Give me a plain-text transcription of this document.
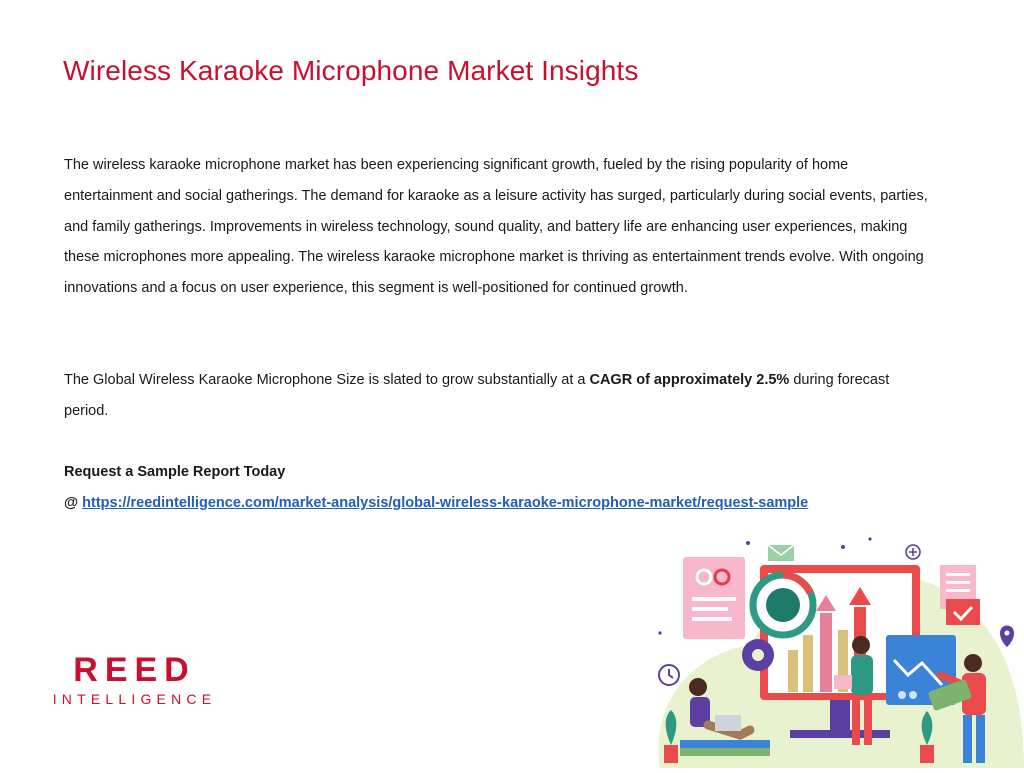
Wireless Karaoke Microphone Market Insights

The wireless karaoke microphone market has been experiencing significant growth, fueled by the rising popularity of home entertainment and social gatherings. The demand for karaoke as a leisure activity has surged, particularly during social events, parties, and family gatherings. Improvements in wireless technology, sound quality, and battery life are enhancing user experiences, making these microphones more appealing. The wireless karaoke microphone market is thriving as entertainment trends evolve. With ongoing innovations and a focus on user experience, this segment is well-positioned for continued growth.

The Global Wireless Karaoke Microphone Size is slated to grow substantially at a CAGR of approximately 2.5% during forecast period.

Request a Sample Report Today
@ https://reedintelligence.com/market-analysis/global-wireless-karaoke-microphone-market/request-sample
REED
INTELLIGENCE
